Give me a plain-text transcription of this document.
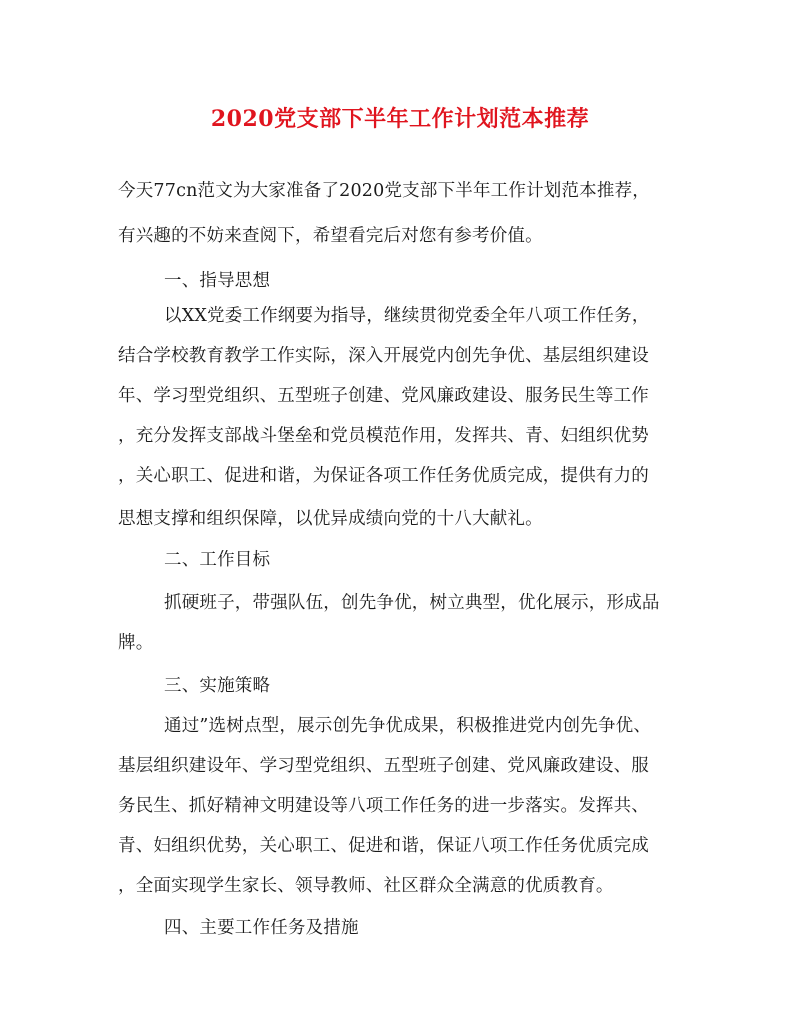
2020党支部下半年工作计划范本推荐
今天77cn范文为大家准备了2020党支部下半年工作计划范本推荐，
有兴趣的不妨来查阅下，希望看完后对您有参考价值。
一、指导思想
以XX党委工作纲要为指导，继续贯彻党委全年八项工作任务，
结合学校教育教学工作实际，深入开展党内创先争优、基层组织建设
年、学习型党组织、五型班子创建、党风廉政建设、服务民生等工作
，充分发挥支部战斗堡垒和党员模范作用，发挥共、青、妇组织优势
，关心职工、促进和谐，为保证各项工作任务优质完成，提供有力的
思想支撑和组织保障，以优异成绩向党的十八大献礼。
二、工作目标
抓硬班子，带强队伍，创先争优，树立典型，优化展示，形成品
牌。
三、实施策略
通过”选树点型，展示创先争优成果，积极推进党内创先争优、
基层组织建设年、学习型党组织、五型班子创建、党风廉政建设、服
务民生、抓好精神文明建设等八项工作任务的进一步落实。发挥共、
青、妇组织优势，关心职工、促进和谐，保证八项工作任务优质完成
，全面实现学生家长、领导教师、社区群众全满意的优质教育。
四、主要工作任务及措施
